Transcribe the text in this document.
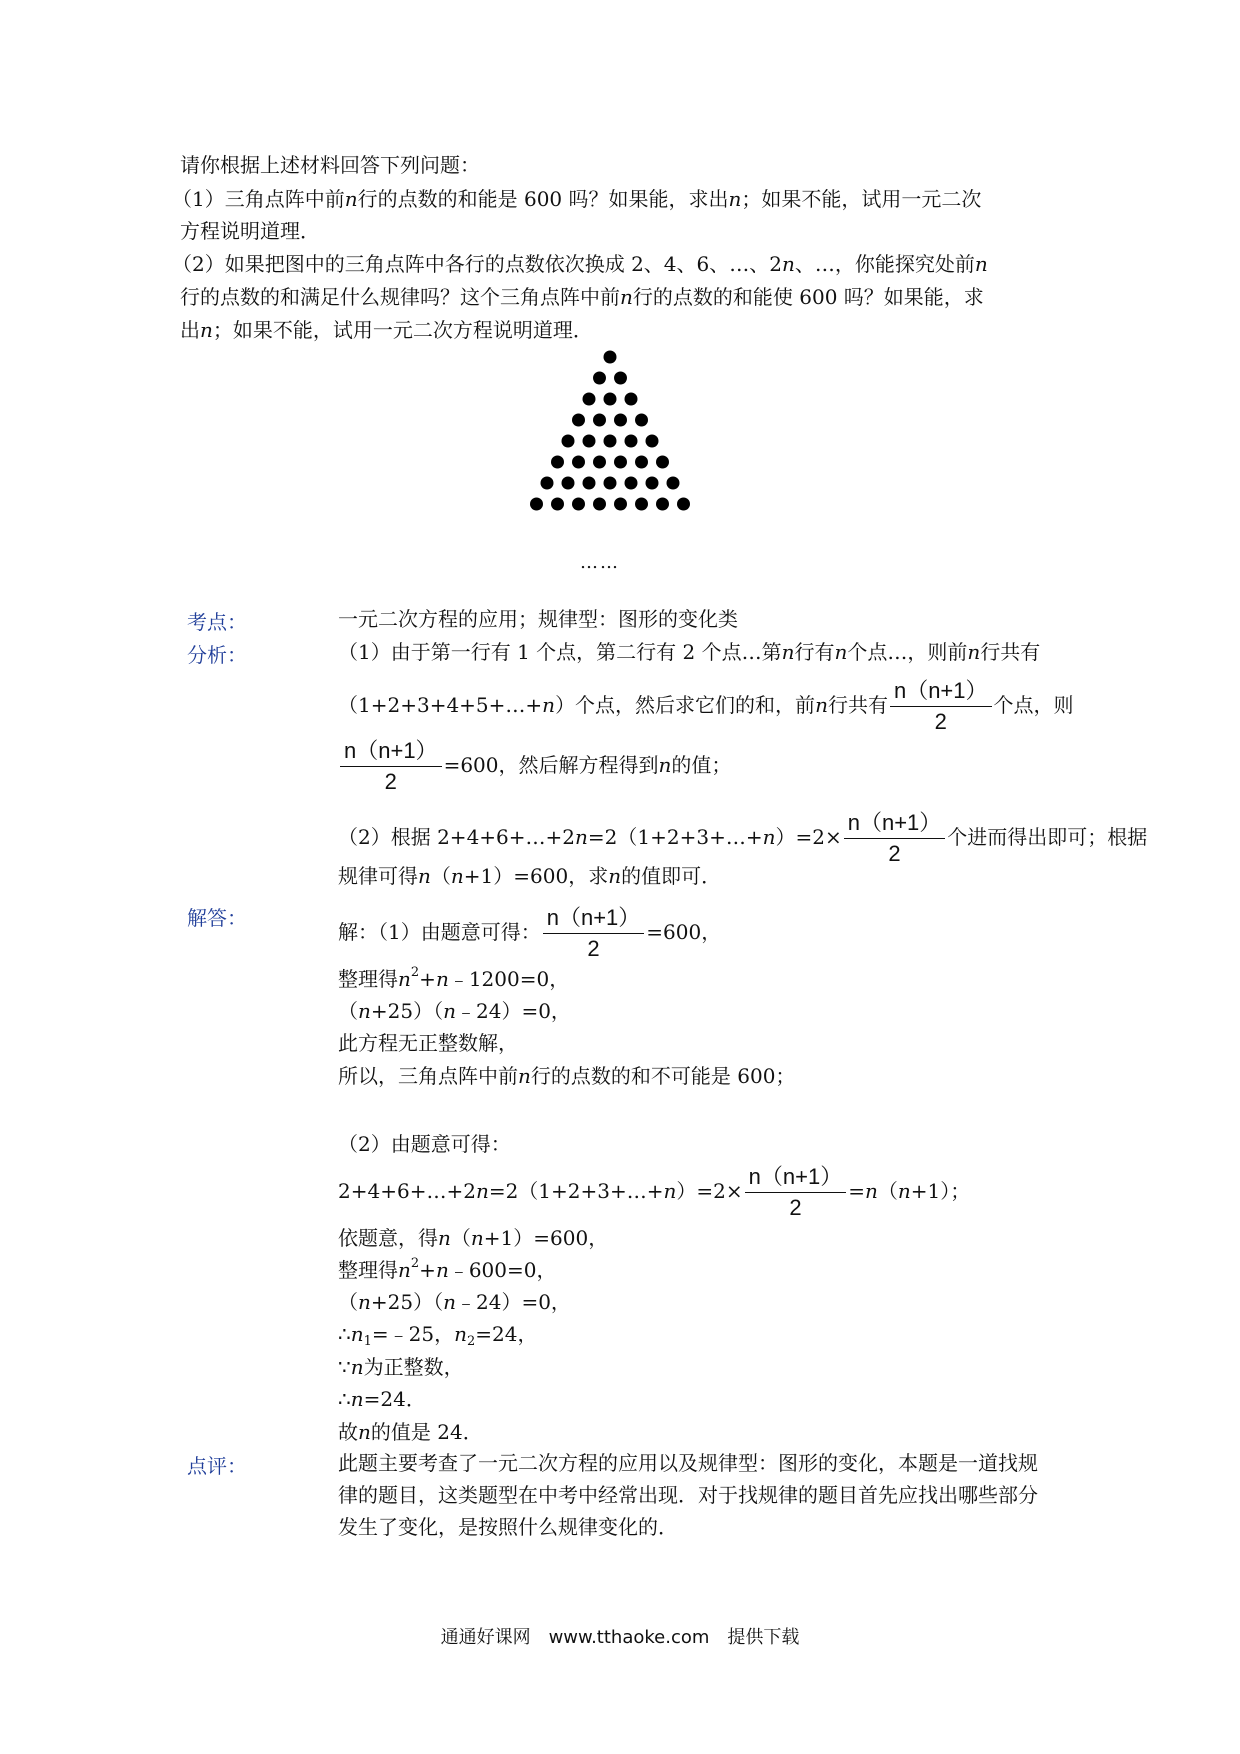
请你根据上述材料回答下列问题：
（1）三角点阵中前n行的点数的和能是 600 吗？如果能，求出n；如果不能，试用一元二次
方程说明道理．
（2）如果把图中的三角点阵中各行的点数依次换成 2、4、6、…、2n、…，你能探究处前n
行的点数的和满足什么规律吗？这个三角点阵中前n行的点数的和能使 600 吗？如果能，求
出n；如果不能，试用一元二次方程说明道理．
……
考点：	一元二次方程的应用；规律型：图形的变化类
分析：	（1）由于第一行有 1 个点，第二行有 2 个点…第n行有n个点…，则前n行共有
（1+2+3+4+5+…+n）个点，然后求它们的和，前n行共有 $\frac{n(n+1)}{2}$ 个点，则
$\frac{n(n+1)}{2} =600$，然后解方程得到n的值；
（2）根据 2+4+6+…+2n=2（1+2+3+…+n）=2× $\frac{n(n+1)}{2}$ 个进而得出即可；根据
规律可得n（n+1）=600，求n的值即可．
解答：
解：（1）由题意可得： $\frac{n(n+1)}{2} =600$，
整理得$n^2+n﹣1200=0$，
（n+25）（n﹣24）=0，
此方程无正整数解，
所以，三角点阵中前n行的点数的和不可能是 600；
（2）由题意可得：
2+4+6+…+2n=2（1+2+3+…+n）=2× $\frac{n(n+1)}{2} =n(n+1)$；
依题意，得n（n+1）=600，
整理得$n^2+n﹣600=0$，
（n+25）（n﹣24）=0，
$\therefore n_1=﹣25$，$n_2=24$，
∵n为正整数，
∴n=24．
故n的值是 24．
点评：	此题主要考查了一元二次方程的应用以及规律型：图形的变化，本题是一道找规
律的题目，这类题型在中考中经常出现．对于找规律的题目首先应找出哪些部分
发生了变化，是按照什么规律变化的．
通通好课网　www.tthaoke.com　提供下载
